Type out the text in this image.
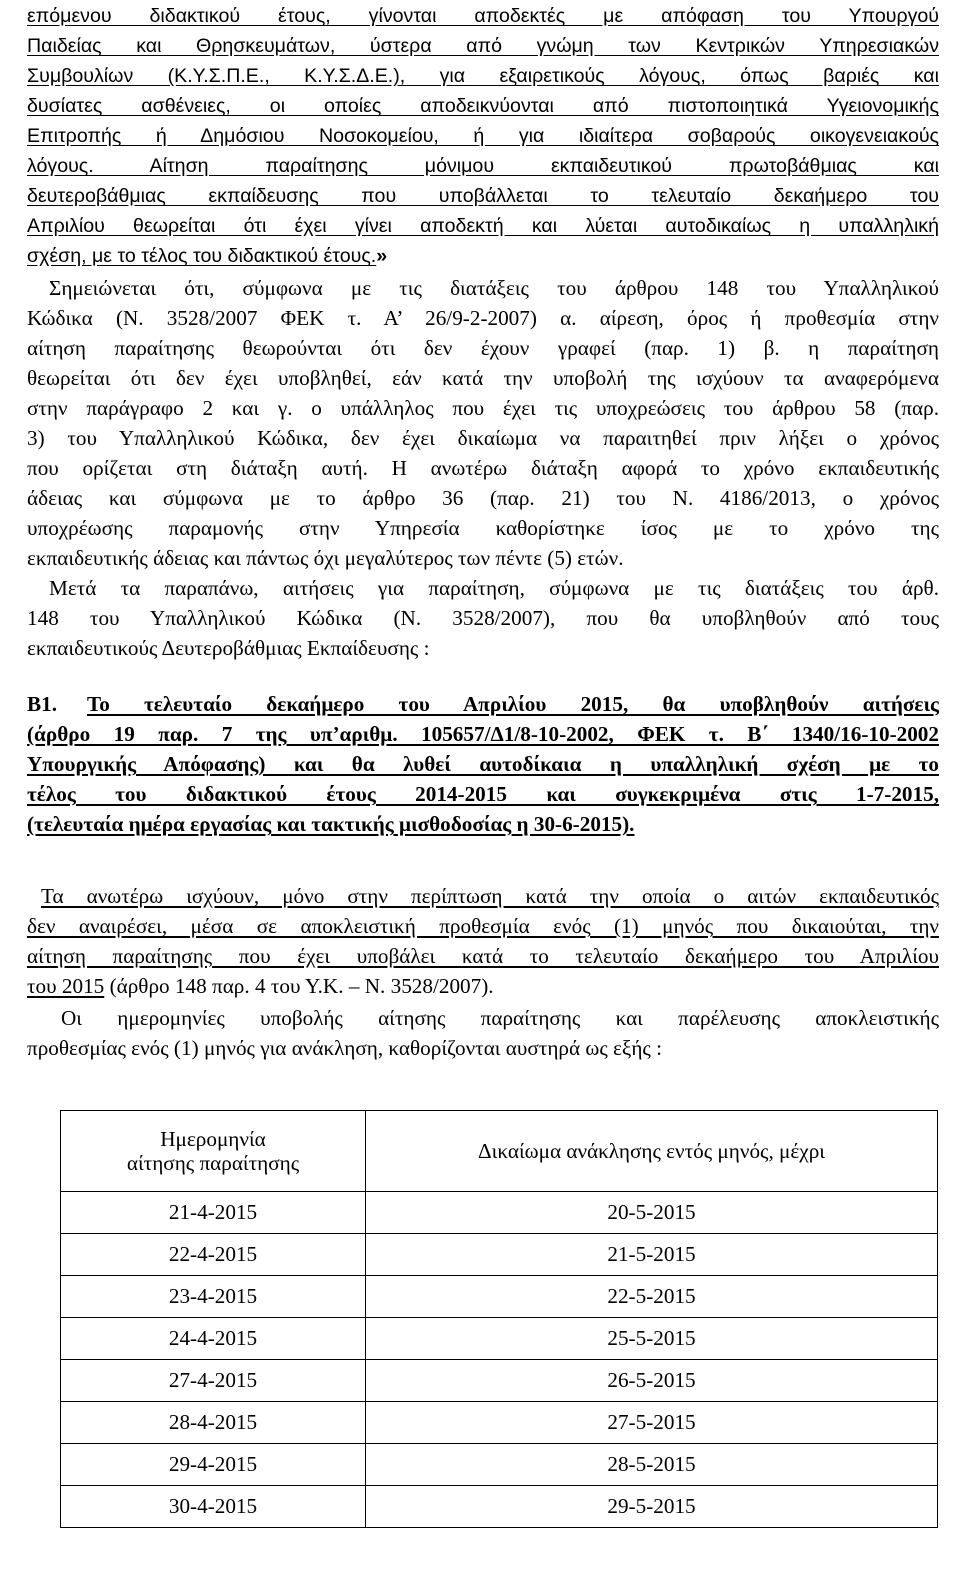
επόμενου διδακτικού έτους, γίνονται αποδεκτές με απόφαση του Υπουργού
Παιδείας και Θρησκευμάτων, ύστερα από γνώμη των Κεντρικών Υπηρεσιακών
Συμβουλίων (Κ.Υ.Σ.Π.Ε., Κ.Υ.Σ.Δ.Ε.), για εξαιρετικούς λόγους, όπως βαριές και
δυσίατες ασθένειες, οι οποίες αποδεικνύονται από πιστοποιητικά Υγειονομικής
Επιτροπής ή Δημόσιου Νοσοκομείου, ή για ιδιαίτερα σοβαρούς οικογενειακούς
λόγους. Αίτηση παραίτησης μόνιμου εκπαιδευτικού πρωτοβάθμιας και
δευτεροβάθμιας εκπαίδευσης που υποβάλλεται το τελευταίο δεκαήμερο του
Απριλίου θεωρείται ότι έχει γίνει αποδεκτή και λύεται αυτοδικαίως η υπαλληλική
σχέση, με το τέλος του διδακτικού έτους.»
Σημειώνεται ότι, σύμφωνα με τις διατάξεις του άρθρου 148 του Υπαλληλικού
Κώδικα (Ν. 3528/2007 ΦΕΚ τ. Α’ 26/9-2-2007) α. αίρεση, όρος ή προθεσμία στην
αίτηση παραίτησης θεωρούνται ότι δεν έχουν γραφεί (παρ. 1) β. η παραίτηση
θεωρείται ότι δεν έχει υποβληθεί, εάν κατά την υποβολή της ισχύουν τα αναφερόμενα
στην παράγραφο 2 και γ. ο υπάλληλος που έχει τις υποχρεώσεις του άρθρου 58 (παρ.
3) του Υπαλληλικού Κώδικα, δεν έχει δικαίωμα να παραιτηθεί πριν λήξει ο χρόνος
που ορίζεται στη διάταξη αυτή. Η ανωτέρω διάταξη αφορά το χρόνο εκπαιδευτικής
άδειας και σύμφωνα με το άρθρο 36 (παρ. 21) του Ν. 4186/2013, ο χρόνος
υποχρέωσης παραμονής στην Υπηρεσία καθορίστηκε ίσος με το χρόνο της
εκπαιδευτικής άδειας και πάντως όχι μεγαλύτερος των πέντε (5) ετών.
Μετά τα παραπάνω, αιτήσεις για παραίτηση, σύμφωνα με τις διατάξεις του άρθ.
148 του Υπαλληλικού Κώδικα (Ν. 3528/2007), που θα υποβληθούν από τους
εκπαιδευτικούς Δευτεροβάθμιας Εκπαίδευσης :
Β1. Το τελευταίο δεκαήμερο του Απριλίου 2015, θα υποβληθούν αιτήσεις
(άρθρο 19 παρ. 7 της υπ’αριθμ. 105657/Δ1/8-10-2002, ΦΕΚ τ. Β΄ 1340/16-10-2002
Υπουργικής Απόφασης) και θα λυθεί αυτοδίκαια η υπαλληλική σχέση με το
τέλος του διδακτικού έτους 2014-2015 και συγκεκριμένα στις 1-7-2015,
(τελευταία ημέρα εργασίας και τακτικής μισθοδοσίας η 30-6-2015).
Τα ανωτέρω ισχύουν, μόνο στην περίπτωση κατά την οποία ο αιτών εκπαιδευτικός
δεν αναιρέσει, μέσα σε αποκλειστική προθεσμία ενός (1) μηνός που δικαιούται, την
αίτηση παραίτησης που έχει υποβάλει κατά το τελευταίο δεκαήμερο του Απριλίου
του 2015 (άρθρο 148 παρ. 4 του Υ.Κ. – Ν. 3528/2007).
Οι ημερομηνίες υποβολής αίτησης παραίτησης και παρέλευσης αποκλειστικής
προθεσμίας ενός (1) μηνός για ανάκληση, καθορίζονται αυστηρά ως εξής :
Ημερομηνία
αίτησης παραίτησης	Δικαίωμα ανάκλησης εντός μηνός, μέχρι
21-4-2015	20-5-2015
22-4-2015	21-5-2015
23-4-2015	22-5-2015
24-4-2015	25-5-2015
27-4-2015	26-5-2015
28-4-2015	27-5-2015
29-4-2015	28-5-2015
30-4-2015	29-5-2015
